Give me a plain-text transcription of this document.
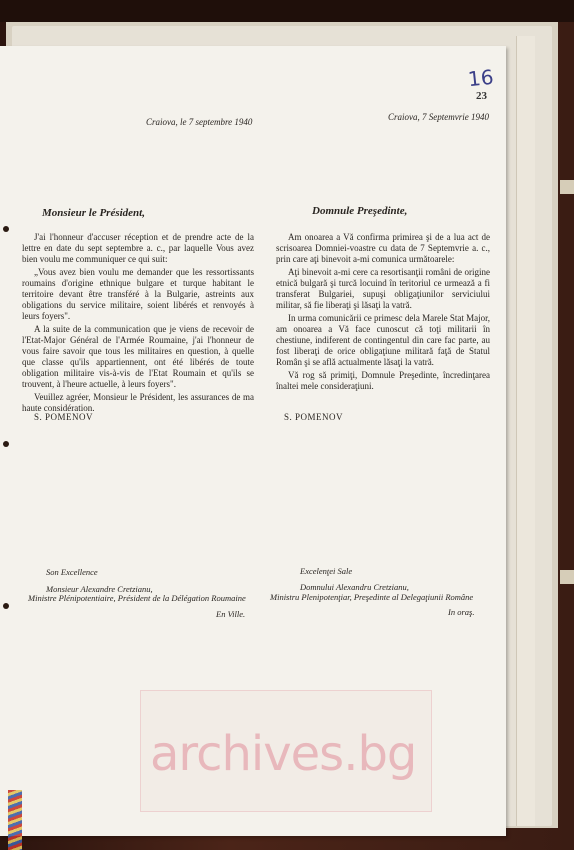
16
23
Craiova, le 7 septembre 1940
Monsieur le Président,

J'ai l'honneur d'accuser réception et de prendre acte de la lettre en date du sept septembre a. c., par laquelle Vous avez bien voulu me communiquer ce qui suit:

„Vous avez bien voulu me demander que les ressortissants roumains d'origine ethnique bulgare et turque habitant le territoire devant être transféré à la Bulgarie, astreints aux obligations du service militaire, soient libérés et renvoyés à leurs foyers".

A la suite de la communication que je viens de recevoir de l'Etat-Major Général de l'Armée Roumaine, j'ai l'honneur de vous faire savoir que tous les militaires en question, à quelle que classe qu'ils appartiennent, ont été libérés de toute obligation militaire vis-à-vis de l'Etat Roumain et qu'ils se trouvent, à l'heure actuelle, à leurs foyers".

Veuillez agréer, Monsieur le Président, les assurances de ma haute considération.

S. POMENOV
Son Excellence
Monsieur Alexandre Cretzianu,
Ministre Plénipotentiaire, Président de la Délégation Roumaine
En Ville.
Craiova, 7 Septemvrie 1940
Domnule Preşedinte,

Am onoarea a Vă confirma primirea şi de a lua act de scrisoarea Domniei-voastre cu data de 7 Septemvrie a. c., prin care aţi binevoit a-mi comunica următoarele:

Aţi binevoit a-mi cere ca resortisanţii români de origine etnică bulgară şi turcă locuind în teritoriul ce urmează a fi transferat Bulgariei, supuşi obligaţiunilor serviciului militar, să fie liberaţi şi lăsaţi la vatră.

In urma comunicării ce primesc dela Marele Stat Major, am onoarea a Vă face cunoscut că toţi militarii în chestiune, indiferent de contingentul din care fac parte, au fost liberaţi de orice obligaţiune militară faţă de Statul Român şi se află actualmente lăsaţi la vatră.

Vă rog să primiţi, Domnule Preşedinte, încredinţarea înaltei mele consideraţiuni.

S. POMENOV
Excelenţei Sale
Domnului Alexandru Cretzianu,
Ministru Plenipotenţiar, Preşedinte al Delegaţiunii Române
In oraş.
archives.bg
